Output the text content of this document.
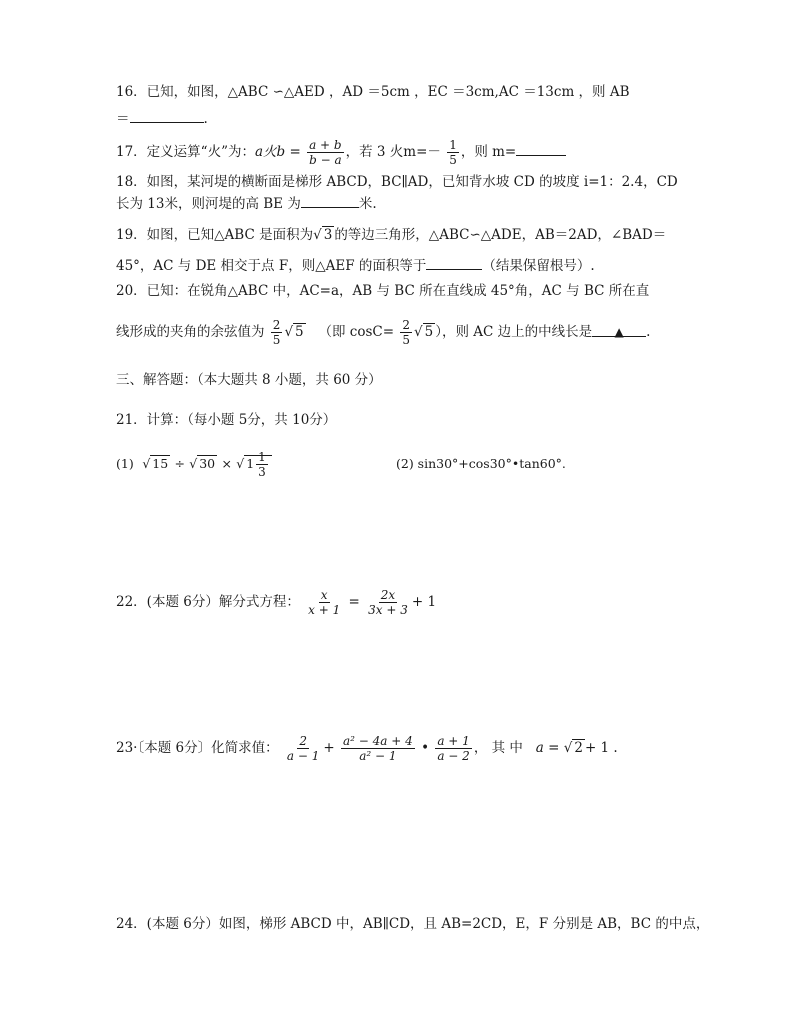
16．已知，如图，△ABC ∽△AED ，AD ＝5cm ，EC ＝3cm,AC ＝13cm ，则 AB
＝	.
17．定义运算“火”为：a火$b = \frac{a + b}{b - a}$ ，若 3 火$m=- \frac{1}{5}$ ，则 m=
18．如图，某河堤的横断面是梯形 ABCD，BC∥AD，已知背水坡 CD 的坡度 i=1：2.4，CD
长为 13米，则河堤的高 BE 为	米.
19．如图，已知△ABC 是面积为√ 3 的等边三角形，△ABC∽△ADE，AB＝2AD，∠BAD＝
45°，AC 与 DE 相交于点 F，则△AEF 的面积等于	（结果保留根号）.
20．已知：在锐角△ABC 中，AC=a，AB 与 BC 所在直线成 45°角，AC 与 BC 所在直
线形成的夹角的余弦值为 $\frac{2}{5}$ √ 5 （即 $\cos C= \frac{2}{5}$ √ 5 ），则 AC 边上的中线长是 ▲ .
三、解答题：（本大题共 8 小题，共 60 分）
21．计算：（每小题 5分，共 10分）
(1) √ 15 ÷ √ 30 × √ $1 \frac{1}{3}$	(2) sin30°+cos30°•tan60°.
22．(本题 6分）解分式方程： $\frac{x}{x + 1} = \frac{2x}{3x + 3} + 1$
23·〔本题 6分〕化简求值： $\frac{2}{a - 1} + \frac{\text{a² − 4a + 4}}{\text{a² − 1}}$ • $\frac{a + 1}{a - 2}$ ， 其 中 a = √ 2 + 1 .
24．(本题 6分）如图，梯形 ABCD 中，AB∥CD，且 AB=2CD，E，F 分别是 AB，BC 的中点，
